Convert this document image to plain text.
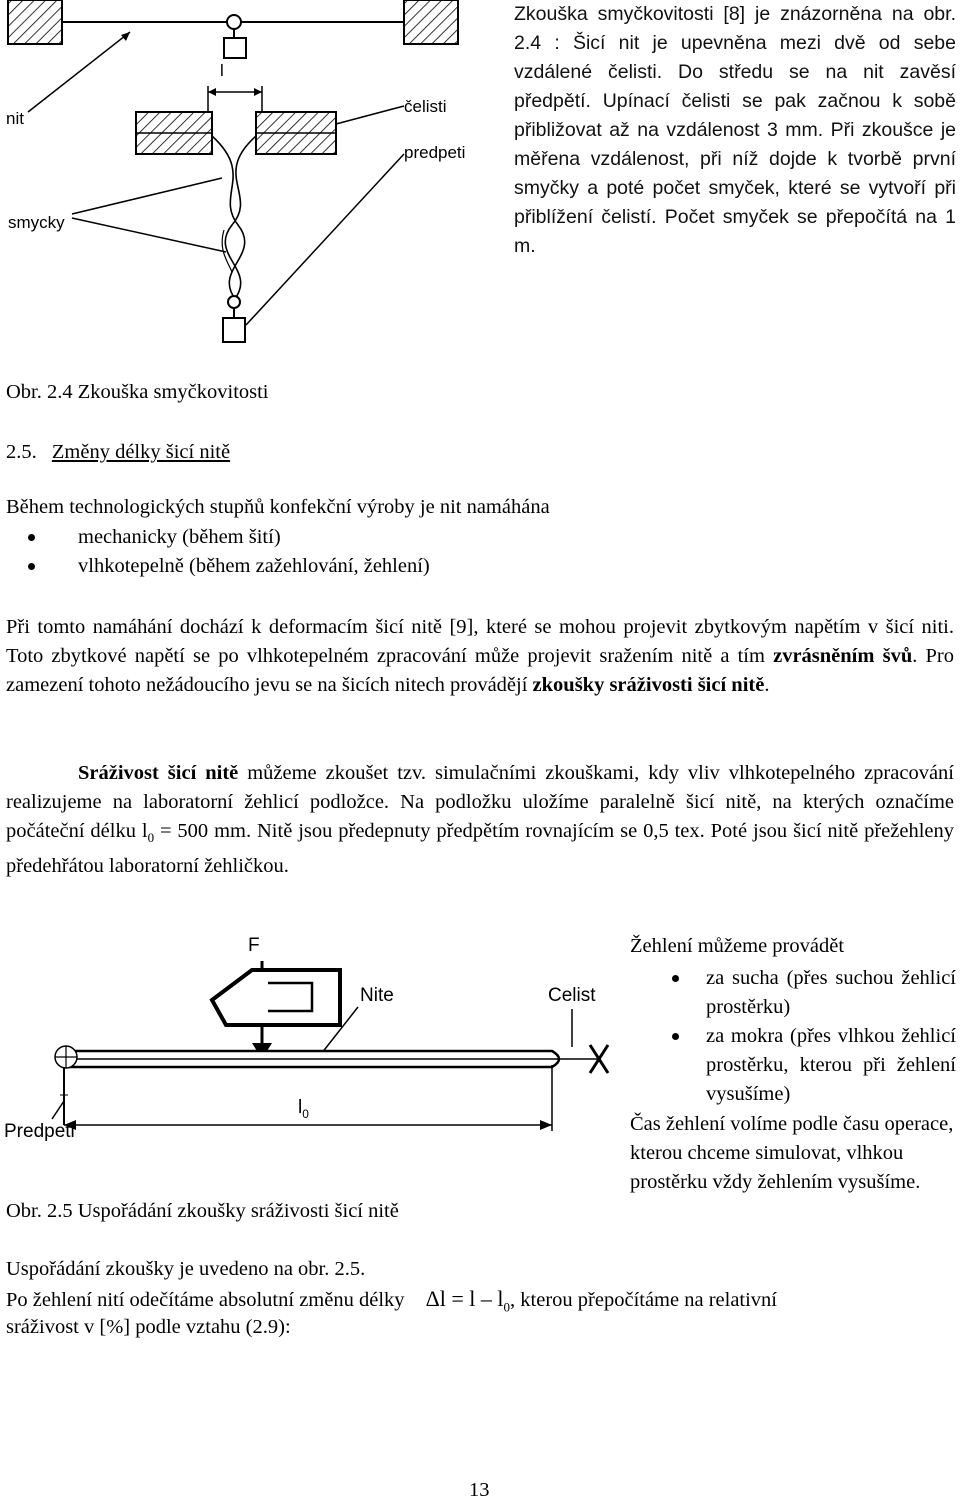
l
nit
čelisti
predpeti
smycky
Zkouška smyčkovitosti [8] je znázorněna na obr. 2.4 : Šicí nit je upevněna mezi dvě od sebe vzdálené čelisti. Do středu se na nit zavěsí předpětí. Upínací čelisti se pak začnou k sobě přibližovat až na vzdálenost 3 mm. Při zkoušce je měřena vzdálenost, při níž dojde k tvorbě první smyčky a poté počet smyček, které se vytvoří při přiblížení čelistí. Počet smyček se přepočítá na 1 m.
Obr. 2.4 Zkouška smyčkovitosti
2.5. Změny délky šicí nitě
Během technologických stupňů konfekční výroby je nit namáhána
mechanicky (během šití)
vlhkotepelně (během zažehlování, žehlení)
Při tomto namáhání dochází k deformacím šicí nitě [9], které se mohou projevit zbytkovým napětím v šicí niti. Toto zbytkové napětí se po vlhkotepelném zpracování může projevit sražením nitě a tím zvrásněním švů. Pro zamezení tohoto nežádoucího jevu se na šicích nitech provádějí zkoušky sráživosti šicí nitě.
Sráživost šicí nitě můžeme zkoušet tzv. simulačními zkouškami, kdy vliv vlhkotepelného zpracování realizujeme na laboratorní žehlicí podložce. Na podložku uložíme paralelně šicí nitě, na kterých označíme počáteční délku $l_0 = 500$ mm. Nitě jsou předepnuty předpětím rovnajícím se 0,5 tex. Poté jsou šicí nitě přežehleny předehřátou laboratorní žehličkou.
F
Nite	Celist
$l_0$
Predpeti
Obr. 2.5 Uspořádání zkoušky sráživosti šicí nitě
Žehlení můžeme provádět
za sucha (přes suchou žehlicí prostěrku)
za mokra (přes vlhkou žehlicí prostěrku, kterou při žehlení vysušíme)
Čas žehlení volíme podle času operace, kterou chceme simulovat, vlhkou prostěrku vždy žehlením vysušíme.
Uspořádání zkoušky je uvedeno na obr. 2.5.
Po žehlení nití odečítáme absolutní změnu délky $\Delta l = l - l_0$, kterou přepočítáme na relativní
sráživost v [%] podle vztahu (2.9):
13
